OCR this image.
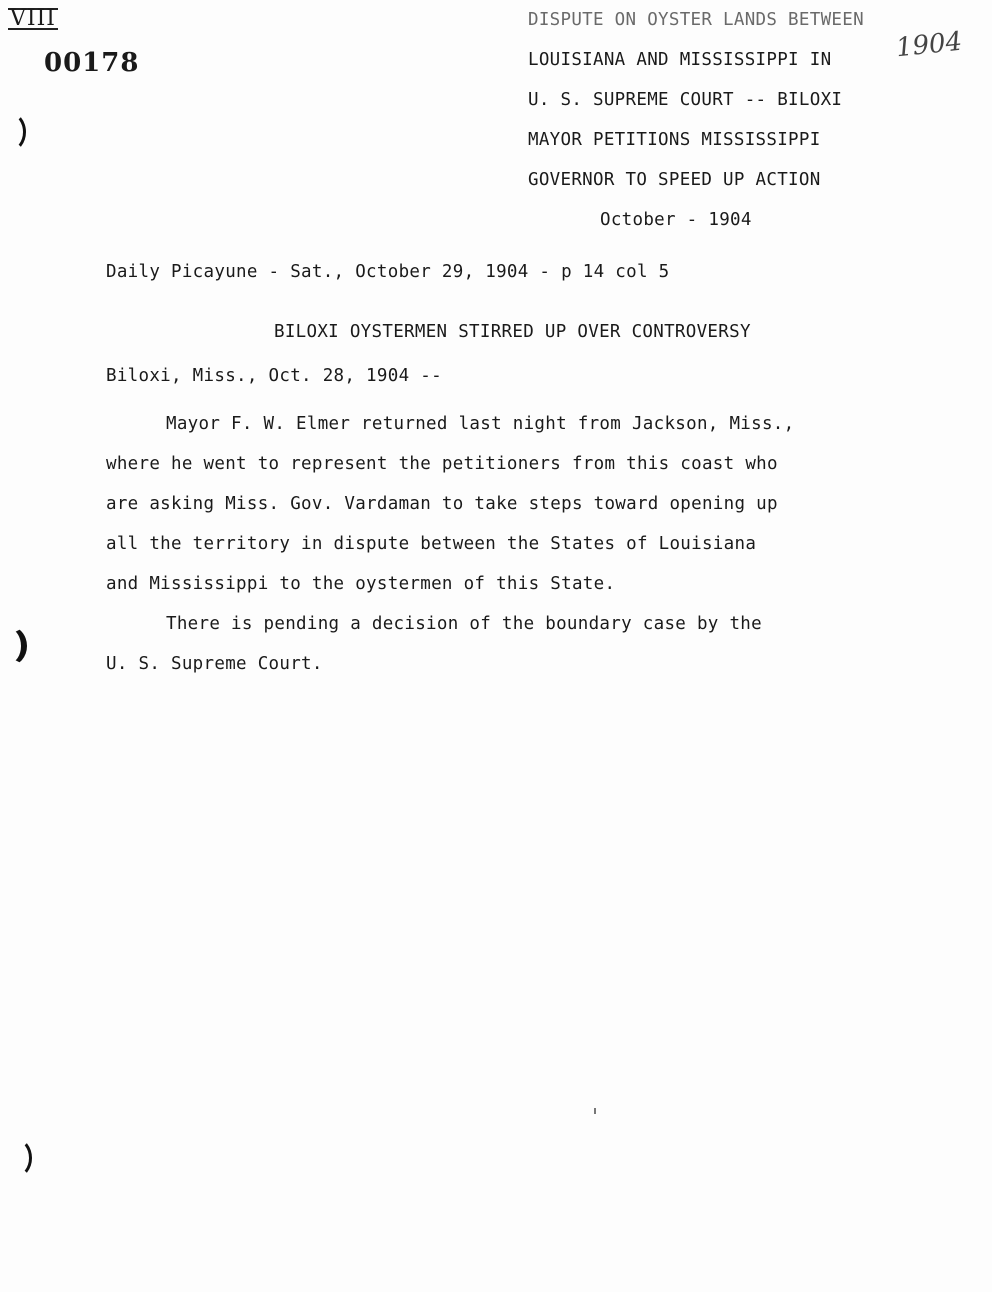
VIII
00178
DISPUTE ON OYSTER LANDS BETWEEN
LOUISIANA AND MISSISSIPPI IN
U. S. SUPREME COURT -- BILOXI
MAYOR PETITIONS MISSISSIPPI
GOVERNOR TO SPEED UP ACTION
October - 1904
1904
Daily Picayune - Sat., October 29, 1904 - p 14 col 5
BILOXI OYSTERMEN STIRRED UP OVER CONTROVERSY
Biloxi, Miss., Oct. 28, 1904 --
Mayor F. W. Elmer returned last night from Jackson, Miss.,
where he went to represent the petitioners from this coast who
are asking Miss. Gov. Vardaman to take steps toward opening up
all the territory in dispute between the States of Louisiana
and Mississippi to the oystermen of this State.
There is pending a decision of the boundary case by the
U. S. Supreme Court.
